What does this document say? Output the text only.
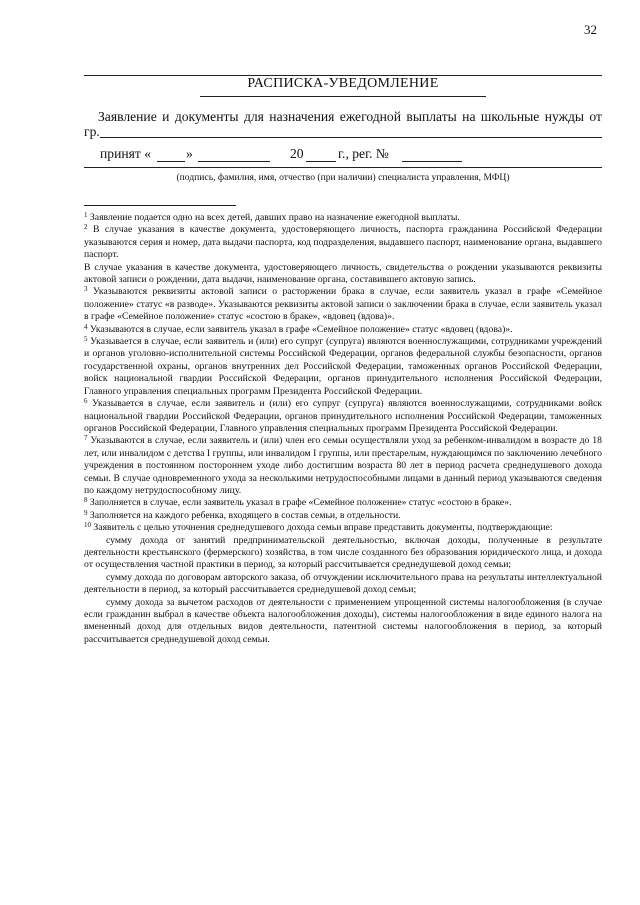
32
РАСПИСКА-УВЕДОМЛЕНИЕ
Заявление и документы для назначения ежегодной выплаты на школьные нужды от
гр.
принят «	»	20	г., рег. №
(подпись, фамилия, имя, отчество (при наличии) специалиста управления, МФЦ)

$^1$ Заявление подается одно на всех детей, давших право на назначение ежегодной выплаты.

$^2$ В случае указания в качестве документа, удостоверяющего личность, паспорта гражданина Российской Федерации указываются серия и номер, дата выдачи паспорта, код подразделения, выдавшего паспорт, наименование органа, выдавшего паспорт.

В случае указания в качестве документа, удостоверяющего личность, свидетельства о рождении указываются реквизиты актовой записи о рождении, дата выдачи, наименование органа, составившего актовую запись.

$^3$ Указываются реквизиты актовой записи о расторжении брака в случае, если заявитель указал в графе «Семейное положение» статус «в разводе». Указываются реквизиты актовой записи о заключении брака в случае, если заявитель указал в графе «Семейное положение» статус «состою в браке», «вдовец (вдова)».

$^4$ Указываются в случае, если заявитель указал в графе «Семейное положение» статус «вдовец (вдова)».

$^5$ Указывается в случае, если заявитель и (или) его супруг (супруга) являются военнослужащими, сотрудниками учреждений и органов уголовно-исполнительной системы Российской Федерации, органов федеральной службы безопасности, органов государственной охраны, органов внутренних дел Российской Федерации, таможенных органов Российской Федерации, войск национальной гвардии Российской Федерации, органов принудительного исполнения Российской Федерации, Главного управления специальных программ Президента Российской Федерации.

$^6$ Указывается в случае, если заявитель и (или) его супруг (супруга) являются военнослужащими, сотрудниками войск национальной гвардии Российской Федерации, органов принудительного исполнения Российской Федерации, таможенных органов Российской Федерации, Главного управления специальных программ Президента Российской Федерации.

$^7$ Указываются в случае, если заявитель и (или) член его семьи осуществляли уход за ребенком-инвалидом в возрасте до 18 лет, или инвалидом с детства I группы, или инвалидом I группы, или престарелым, нуждающимся по заключению лечебного учреждения в постоянном постороннем уходе либо достигшим возраста 80 лет в период расчета среднедушевого дохода семьи. В случае одновременного ухода за несколькими нетрудоспособными лицами в данный период указываются сведения по каждому нетрудоспособному лицу.

$^8$ Заполняется в случае, если заявитель указал в графе «Семейное положение» статус «состою в браке».

$^9$ Заполняется на каждого ребенка, входящего в состав семьи, в отдельности.

$^{10}$ Заявитель с целью уточнения среднедушевого дохода семьи вправе представить документы, подтверждающие:

сумму дохода от занятий предпринимательской деятельностью, включая доходы, полученные в результате деятельности крестьянского (фермерского) хозяйства, в том числе созданного без образования юридического лица, и дохода от осуществления частной практики в период, за который рассчитывается среднедушевой доход семьи;

сумму дохода по договорам авторского заказа, об отчуждении исключительного права на результаты интеллектуальной деятельности в период, за который рассчитывается среднедушевой доход семьи;

сумму дохода за вычетом расходов от деятельности с применением упрощенной системы налогообложения (в случае если гражданин выбрал в качестве объекта налогообложения доходы), системы налогообложения в виде единого налога на вмененный доход для отдельных видов деятельности, патентной системы налогообложения в период, за который рассчитывается среднедушевой доход семьи.
